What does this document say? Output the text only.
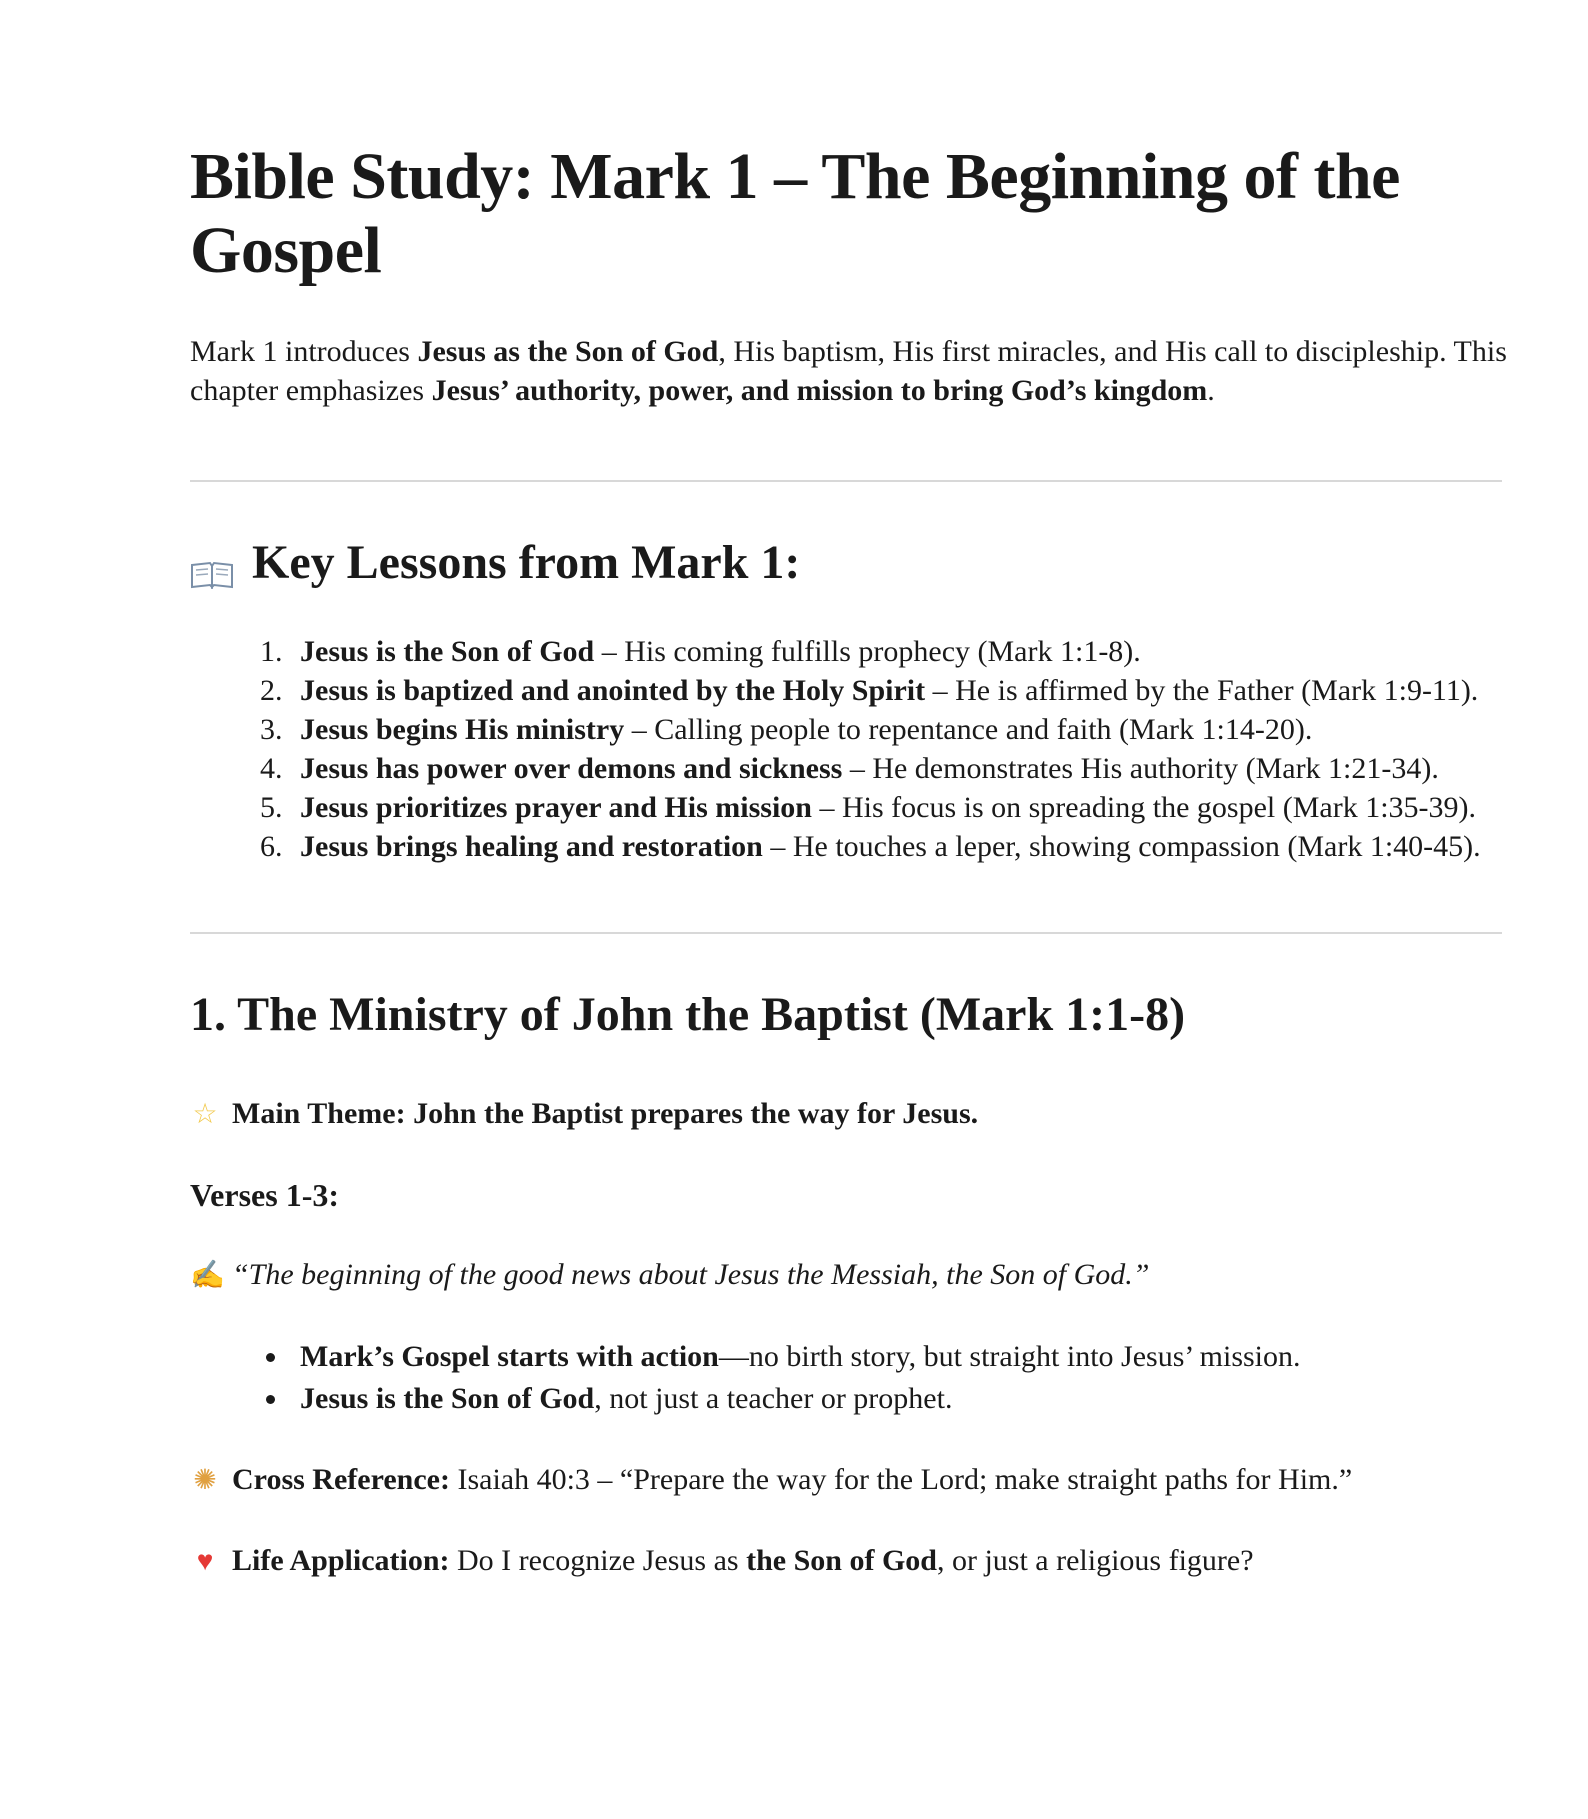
Bible Study: Mark 1 – The Beginning of the Gospel

Mark 1 introduces Jesus as the Son of God, His baptism, His first miracles, and His call to discipleship. This chapter emphasizes Jesus’ authority, power, and mission to bring God’s kingdom.

Key Lessons from Mark 1:
1. Jesus is the Son of God – His coming fulfills prophecy (Mark 1:1-8).
2. Jesus is baptized and anointed by the Holy Spirit – He is affirmed by the Father (Mark 1:9-11).
3. Jesus begins His ministry – Calling people to repentance and faith (Mark 1:14-20).
4. Jesus has power over demons and sickness – He demonstrates His authority (Mark 1:21-34).
5. Jesus prioritizes prayer and His mission – His focus is on spreading the gospel (Mark 1:35-39).
6. Jesus brings healing and restoration – He touches a leper, showing compassion (Mark 1:40-45).
1. The Ministry of John the Baptist (Mark 1:1-8)

☆ Main Theme: John the Baptist prepares the way for Jesus.

Verses 1-3:

✍ “The beginning of the good news about Jesus the Messiah, the Son of God.”

• Mark’s Gospel starts with action—no birth story, but straight into Jesus’ mission.
• Jesus is the Son of God, not just a teacher or prophet.

✺ Cross Reference: Isaiah 40:3 – “Prepare the way for the Lord; make straight paths for Him.”

♥ Life Application: Do I recognize Jesus as the Son of God, or just a religious figure?
